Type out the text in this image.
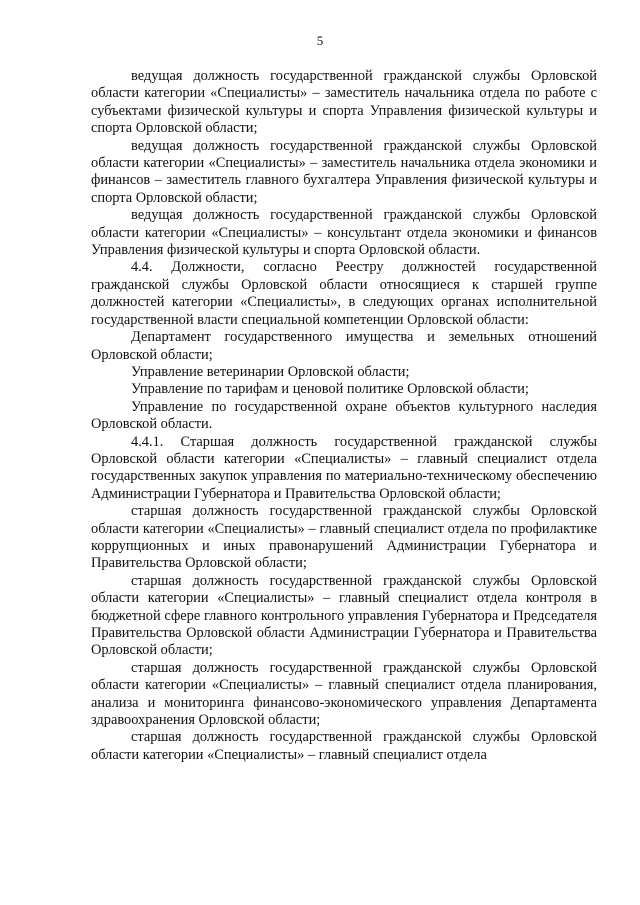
5

ведущая должность государственной гражданской службы Орловской области категории «Специалисты» – заместитель начальника отдела по работе с субъектами физической культуры и спорта Управления физической культуры и спорта Орловской области;

ведущая должность государственной гражданской службы Орловской области категории «Специалисты» – заместитель начальника отдела экономики и финансов – заместитель главного бухгалтера Управления физической культуры и спорта Орловской области;

ведущая должность государственной гражданской службы Орловской области категории «Специалисты» – консультант отдела экономики и финансов Управления физической культуры и спорта Орловской области.

4.4. Должности, согласно Реестру должностей государственной гражданской службы Орловской области относящиеся к старшей группе должностей категории «Специалисты», в следующих органах исполнительной государственной власти специальной компетенции Орловской области:

Департамент государственного имущества и земельных отношений Орловской области;

Управление ветеринарии Орловской области;

Управление по тарифам и ценовой политике Орловской области;

Управление по государственной охране объектов культурного наследия Орловской области.

4.4.1. Старшая должность государственной гражданской службы Орловской области категории «Специалисты» – главный специалист отдела государственных закупок управления по материально-техническому обеспечению Администрации Губернатора и Правительства Орловской области;

старшая должность государственной гражданской службы Орловской области категории «Специалисты» – главный специалист отдела по профилактике коррупционных и иных правонарушений Администрации Губернатора и Правительства Орловской области;

старшая должность государственной гражданской службы Орловской области категории «Специалисты» – главный специалист отдела контроля в бюджетной сфере главного контрольного управления Губернатора и Председателя Правительства Орловской области Администрации Губернатора и Правительства Орловской области;

старшая должность государственной гражданской службы Орловской области категории «Специалисты» – главный специалист отдела планирования, анализа и мониторинга финансово-экономического управления Департамента здравоохранения Орловской области;

старшая должность государственной гражданской службы Орловской области категории «Специалисты» – главный специалист отдела
